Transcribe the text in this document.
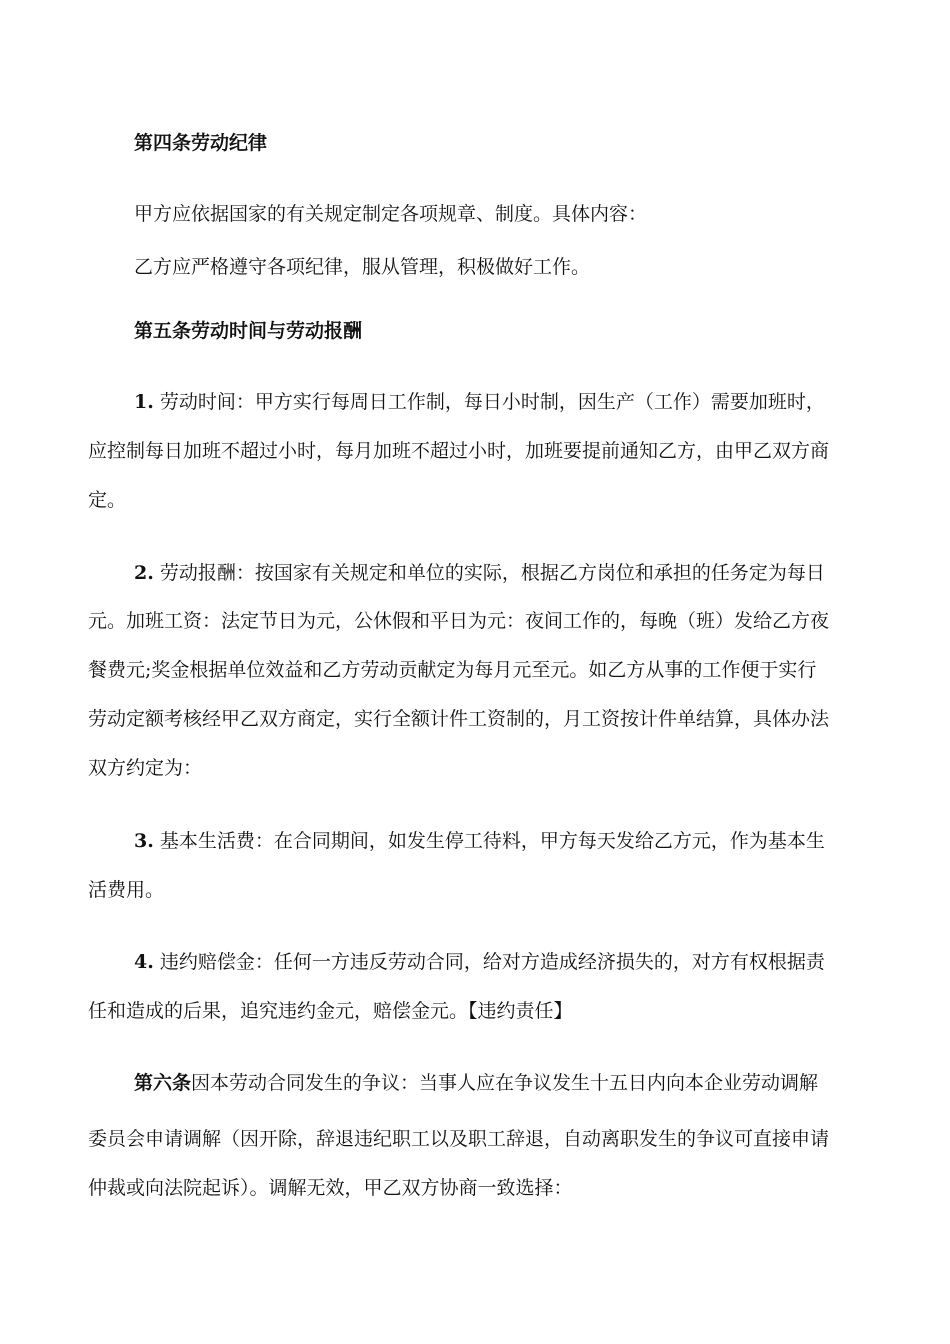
第四条劳动纪律
甲方应依据国家的有关规定制定各项规章、制度。具体内容：
乙方应严格遵守各项纪律，服从管理，积极做好工作。
第五条劳动时间与劳动报酬
1. 劳动时间：甲方实行每周日工作制，每日小时制，因生产（工作）需要加班时，
应控制每日加班不超过小时，每月加班不超过小时，加班要提前通知乙方，由甲乙双方商
定。
2. 劳动报酬：按国家有关规定和单位的实际，根据乙方岗位和承担的任务定为每日
元。加班工资：法定节日为元，公休假和平日为元：夜间工作的，每晚（班）发给乙方夜
餐费元;奖金根据单位效益和乙方劳动贡献定为每月元至元。如乙方从事的工作便于实行
劳动定额考核经甲乙双方商定，实行全额计件工资制的，月工资按计件单结算，具体办法
双方约定为：
3. 基本生活费：在合同期间，如发生停工待料，甲方每天发给乙方元，作为基本生
活费用。
4. 违约赔偿金：任何一方违反劳动合同，给对方造成经济损失的，对方有权根据责
任和造成的后果，追究违约金元，赔偿金元。【违约责任】
第六条因本劳动合同发生的争议：当事人应在争议发生十五日内向本企业劳动调解
委员会申请调解（因开除，辞退违纪职工以及职工辞退，自动离职发生的争议可直接申请
仲裁或向法院起诉）。调解无效，甲乙双方协商一致选择：
